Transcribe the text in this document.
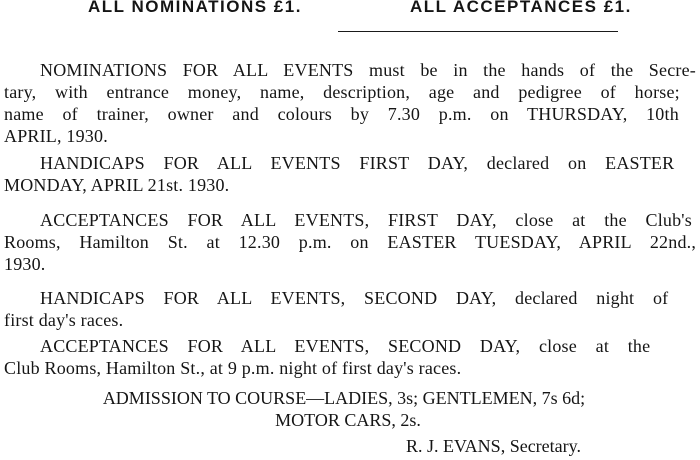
ALL NOMINATIONS £1.	ALL ACCEPTANCES £1.
NOMINATIONS FOR ALL EVENTS must be in the hands of the Secre-
tary, with entrance money, name, description, age and pedigree of horse;
name of trainer, owner and colours by 7.30 p.m. on THURSDAY, 10th
APRIL, 1930.
HANDICAPS FOR ALL EVENTS FIRST DAY, declared on EASTER
MONDAY, APRIL 21st. 1930.
ACCEPTANCES FOR ALL EVENTS, FIRST DAY, close at the Club's
Rooms, Hamilton St. at 12.30 p.m. on EASTER TUESDAY, APRIL 22nd.,
1930.
HANDICAPS FOR ALL EVENTS, SECOND DAY, declared night of
first day's races.
ACCEPTANCES FOR ALL EVENTS, SECOND DAY, close at the
Club Rooms, Hamilton St., at 9 p.m. night of first day's races.
ADMISSION TO COURSE—LADIES, 3s; GENTLEMEN, 7s 6d;
MOTOR CARS, 2s.
R. J. EVANS, Secretary.
